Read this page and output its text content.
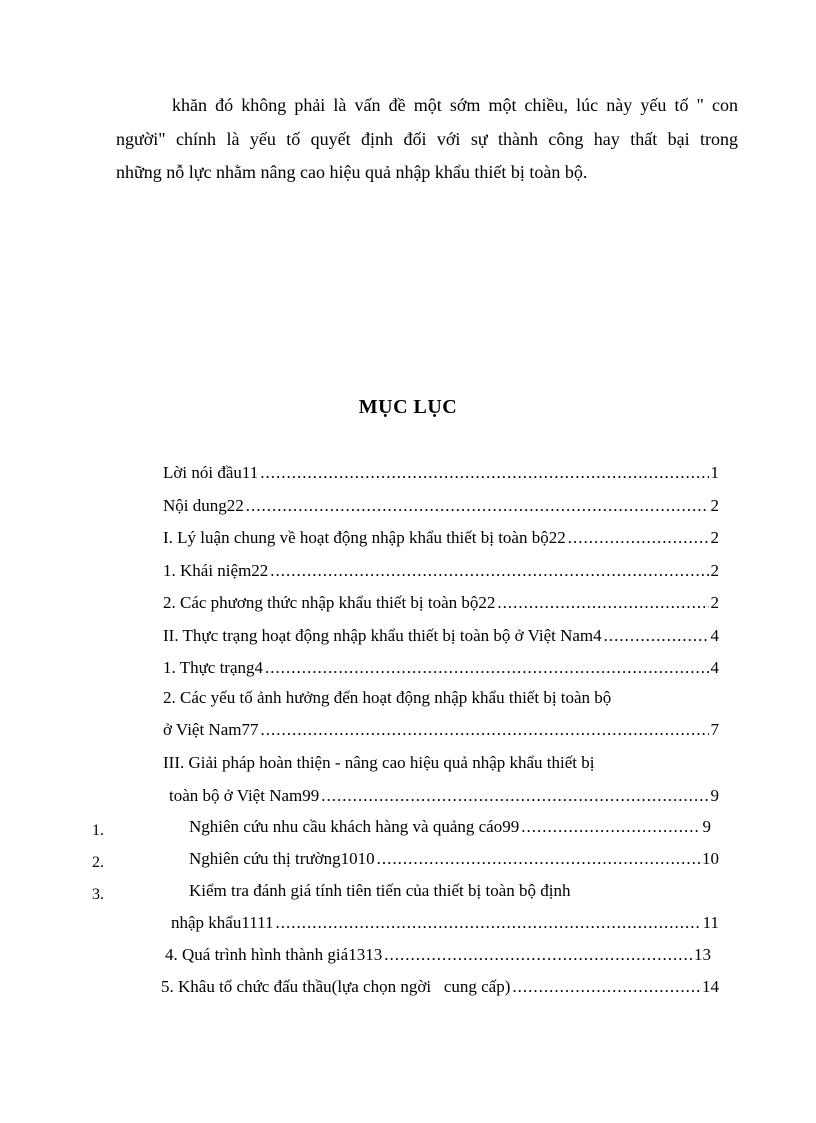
khăn đó không phải là vấn đề một sớm một chiều, lúc này yếu tố " con
người" chính là yếu tố quyết định đối với sự thành công hay thất bại trong
những nỗ lực nhằm nâng cao hiệu quả nhập khẩu thiết bị toàn bộ.
MỤC LỤC
Lời nói đầu11 .....	1
Nội dung22 .....	2
I. Lý luận chung về hoạt động nhập khẩu thiết bị toàn bộ22 .....	2
1. Khái niệm22 .....	2
2. Các phương thức nhập khẩu thiết bị toàn bộ22 .....	2
II. Thực trạng hoạt động nhập khẩu thiết bị toàn bộ ở Việt Nam4 .....	4
1. Thực trạng4 .....	4
2. Các yếu tố ảnh hưởng đến hoạt động nhập khẩu thiết bị toàn bộ
ở Việt Nam77 .....	7
III. Giải pháp hoàn thiện - nâng cao hiệu quả nhập khẩu thiết bị
toàn bộ ở Việt Nam99 .....	9
1.	Nghiên cứu nhu cầu khách hàng và quảng cáo99 .....	9
2.	Nghiên cứu thị trường1010 .....	10
3.	Kiểm tra đánh giá tính tiên tiến của thiết bị toàn bộ định
nhập khẩu1111 .....	11
4. Quá trình hình thành giá1313 .....	13
5. Khâu tổ chức đấu thầu(lựa chọn ngời   cung cấp) .....	14
